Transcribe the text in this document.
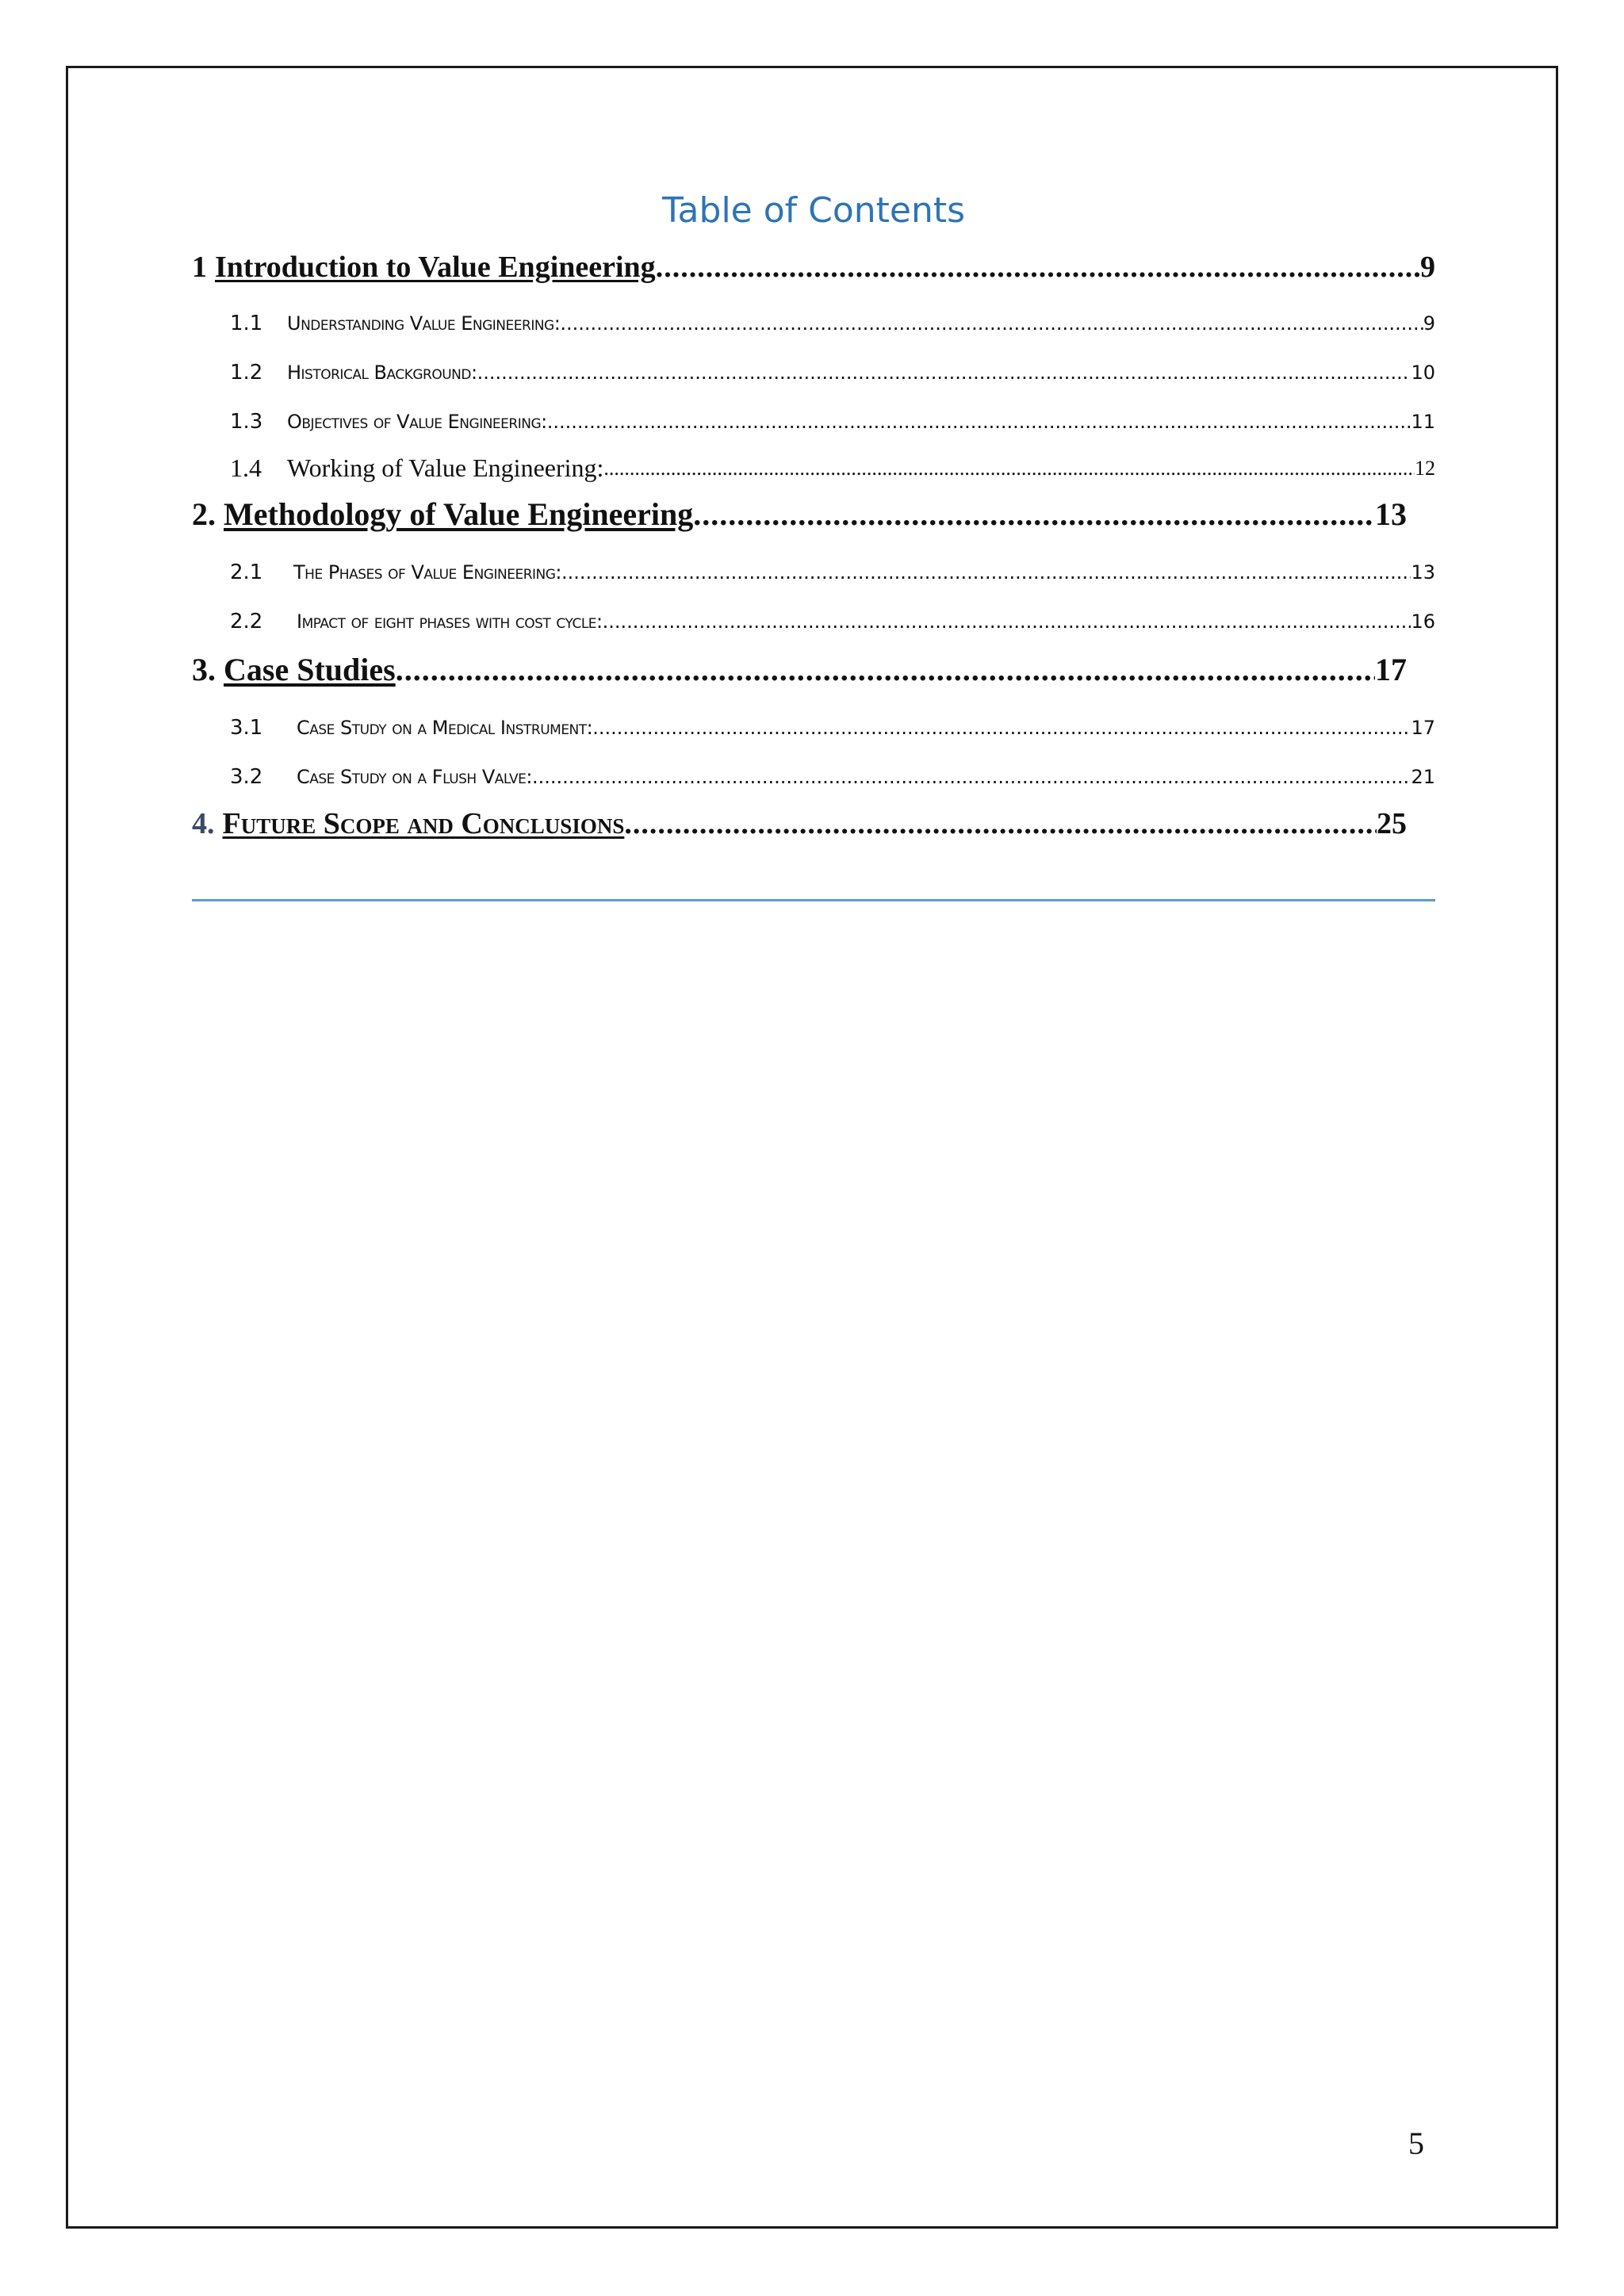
Table of Contents
1 Introduction to Value Engineering .....	9
1.1 Understanding Value Engineering: .....	9
1.2 Historical Background: .....	10
1.3 Objectives of Value Engineering: .....	11
1.4 Working of Value Engineering: .....	12
2. Methodology of Value Engineering .....	13
2.1 The Phases of Value Engineering: .....	13
2.2 Impact of eight phases with cost cycle: .....	16
3. Case Studies .....	17
3.1 Case Study on a Medical Instrument: .....	17
3.2 Case Study on a Flush Valve: .....	21
4. Future Scope and Conclusions .....	25
5
